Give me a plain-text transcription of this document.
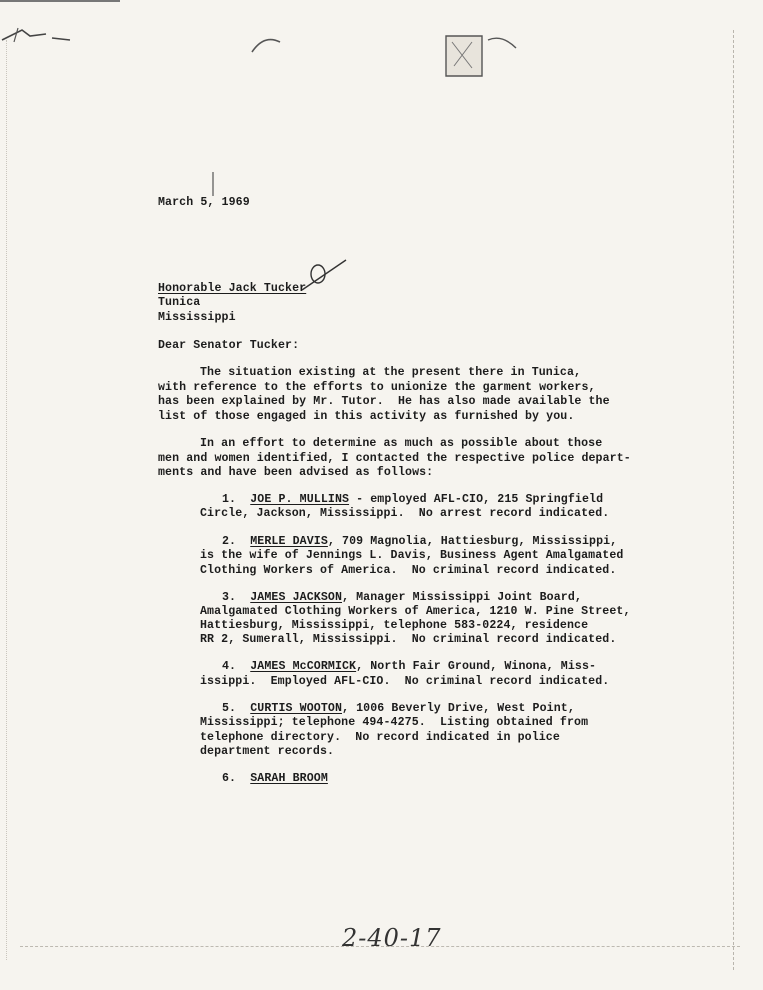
March 5, 1969
Honorable Jack Tucker
Tunica
Mississippi
Dear Senator Tucker:
The situation existing at the present there in Tunica,
with reference to the efforts to unionize the garment workers,
has been explained by Mr. Tutor.  He has also made available the
list of those engaged in this activity as furnished by you.
In an effort to determine as much as possible about those
men and women identified, I contacted the respective police depart-
ments and have been advised as follows:
1. JOE P. MULLINS - employed AFL-CIO, 215 Springfield
Circle, Jackson, Mississippi.  No arrest record indicated.
2. MERLE DAVIS, 709 Magnolia, Hattiesburg, Mississippi,
is the wife of Jennings L. Davis, Business Agent Amalgamated
Clothing Workers of America.  No criminal record indicated.
3. JAMES JACKSON, Manager Mississippi Joint Board,
Amalgamated Clothing Workers of America, 1210 W. Pine Street,
Hattiesburg, Mississippi, telephone 583-0224, residence
RR 2, Sumerall, Mississippi.  No criminal record indicated.
4. JAMES McCORMICK, North Fair Ground, Winona, Miss-
issippi.  Employed AFL-CIO.  No criminal record indicated.
5. CURTIS WOOTON, 1006 Beverly Drive, West Point,
Mississippi; telephone 494-4275.  Listing obtained from
telephone directory.  No record indicated in police
department records.
6. SARAH BROOM
2-40-17
